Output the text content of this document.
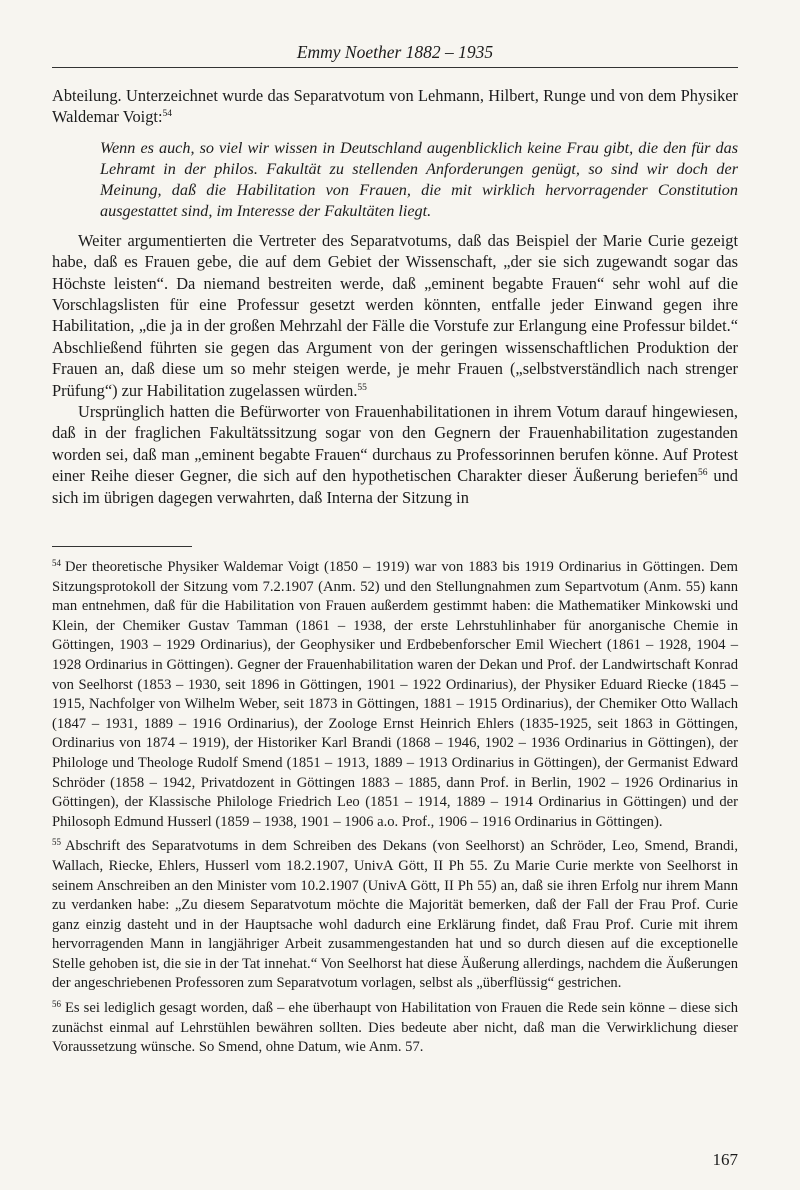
Emmy Noether 1882 – 1935

Abteilung. Unterzeichnet wurde das Separatvotum von Lehmann, Hilbert, Runge und von dem Physiker Waldemar Voigt:$^{54}$

Wenn es auch, so viel wir wissen in Deutschland augenblicklich keine Frau gibt, die den für das Lehramt in der philos. Fakultät zu stellenden Anforderungen genügt, so sind wir doch der Meinung, daß die Habilitation von Frauen, die mit wirklich hervorragender Constitution ausgestattet sind, im Interesse der Fakultäten liegt.

Weiter argumentierten die Vertreter des Separatvotums, daß das Beispiel der Marie Curie gezeigt habe, daß es Frauen gebe, die auf dem Gebiet der Wissenschaft, „der sie sich zugewandt sogar das Höchste leisten“. Da niemand bestreiten werde, daß „eminent begabte Frauen“ sehr wohl auf die Vorschlagslisten für eine Professur gesetzt werden könnten, entfalle jeder Einwand gegen ihre Habilitation, „die ja in der großen Mehrzahl der Fälle die Vorstufe zur Erlangung eine Professur bildet.“ Abschließend führten sie gegen das Argument von der geringen wissenschaftlichen Produktion der Frauen an, daß diese um so mehr steigen werde, je mehr Frauen („selbstverständlich nach strenger Prüfung“) zur Habilitation zugelassen würden.$^{55}$

Ursprünglich hatten die Befürworter von Frauenhabilitationen in ihrem Votum darauf hingewiesen, daß in der fraglichen Fakultätssitzung sogar von den Gegnern der Frauenhabilitation zugestanden worden sei, daß man „eminent begabte Frauen“ durchaus zu Professorinnen berufen könne. Auf Protest einer Reihe dieser Gegner, die sich auf den hypothetischen Charakter dieser Äußerung beriefen$^{56}$ und sich im übrigen dagegen verwahrten, daß Interna der Sitzung in

$^{54}$ Der theoretische Physiker Waldemar Voigt (1850 – 1919) war von 1883 bis 1919 Ordinarius in Göttingen. Dem Sitzungsprotokoll der Sitzung vom 7.2.1907 (Anm. 52) und den Stellungnahmen zum Separtvotum (Anm. 55) kann man entnehmen, daß für die Habilitation von Frauen außerdem gestimmt haben: die Mathematiker Minkowski und Klein, der Chemiker Gustav Tamman (1861 – 1938, der erste Lehrstuhlinhaber für anorganische Chemie in Göttingen, 1903 – 1929 Ordinarius), der Geophysiker und Erdbebenforscher Emil Wiechert (1861 – 1928, 1904 – 1928 Ordinarius in Göttingen). Gegner der Frauenhabilitation waren der Dekan und Prof. der Landwirtschaft Konrad von Seelhorst (1853 – 1930, seit 1896 in Göttingen, 1901 – 1922 Ordinarius), der Physiker Eduard Riecke (1845 – 1915, Nachfolger von Wilhelm Weber, seit 1873 in Göttingen, 1881 – 1915 Ordinarius), der Chemiker Otto Wallach (1847 – 1931, 1889 – 1916 Ordinarius), der Zoologe Ernst Heinrich Ehlers (1835-1925, seit 1863 in Göttingen, Ordinarius von 1874 – 1919), der Historiker Karl Brandi (1868 – 1946, 1902 – 1936 Ordinarius in Göttingen), der Philologe und Theologe Rudolf Smend (1851 – 1913, 1889 – 1913 Ordinarius in Göttingen), der Germanist Edward Schröder (1858 – 1942, Privatdozent in Göttingen 1883 – 1885, dann Prof. in Berlin, 1902 – 1926 Ordinarius in Göttingen), der Klassische Philologe Friedrich Leo (1851 – 1914, 1889 – 1914 Ordinarius in Göttingen) und der Philosoph Edmund Husserl (1859 – 1938, 1901 – 1906 a.o. Prof., 1906 – 1916 Ordinarius in Göttingen).
$^{55}$ Abschrift des Separatvotums in dem Schreiben des Dekans (von Seelhorst) an Schröder, Leo, Smend, Brandi, Wallach, Riecke, Ehlers, Husserl vom 18.2.1907, UnivA Gött, II Ph 55. Zu Marie Curie merkte von Seelhorst in seinem Anschreiben an den Minister vom 10.2.1907 (UnivA Gött, II Ph 55) an, daß sie ihren Erfolg nur ihrem Mann zu verdanken habe: „Zu diesem Separatvotum möchte die Majorität bemerken, daß der Fall der Frau Prof. Curie ganz einzig dasteht und in der Hauptsache wohl dadurch eine Erklärung findet, daß Frau Prof. Curie mit ihrem hervorragenden Mann in langjähriger Arbeit zusammengestanden hat und so durch diesen auf die exceptionelle Stelle gehoben ist, die sie in der Tat innehat.“ Von Seelhorst hat diese Äußerung allerdings, nachdem die Äußerungen der angeschriebenen Professoren zum Separatvotum vorlagen, selbst als „überflüssig“ gestrichen.
$^{56}$ Es sei lediglich gesagt worden, daß – ehe überhaupt von Habilitation von Frauen die Rede sein könne – diese sich zunächst einmal auf Lehrstühlen bewähren sollten. Dies bedeute aber nicht, daß man die Verwirklichung dieser Voraussetzung wünsche. So Smend, ohne Datum, wie Anm. 57.
167
